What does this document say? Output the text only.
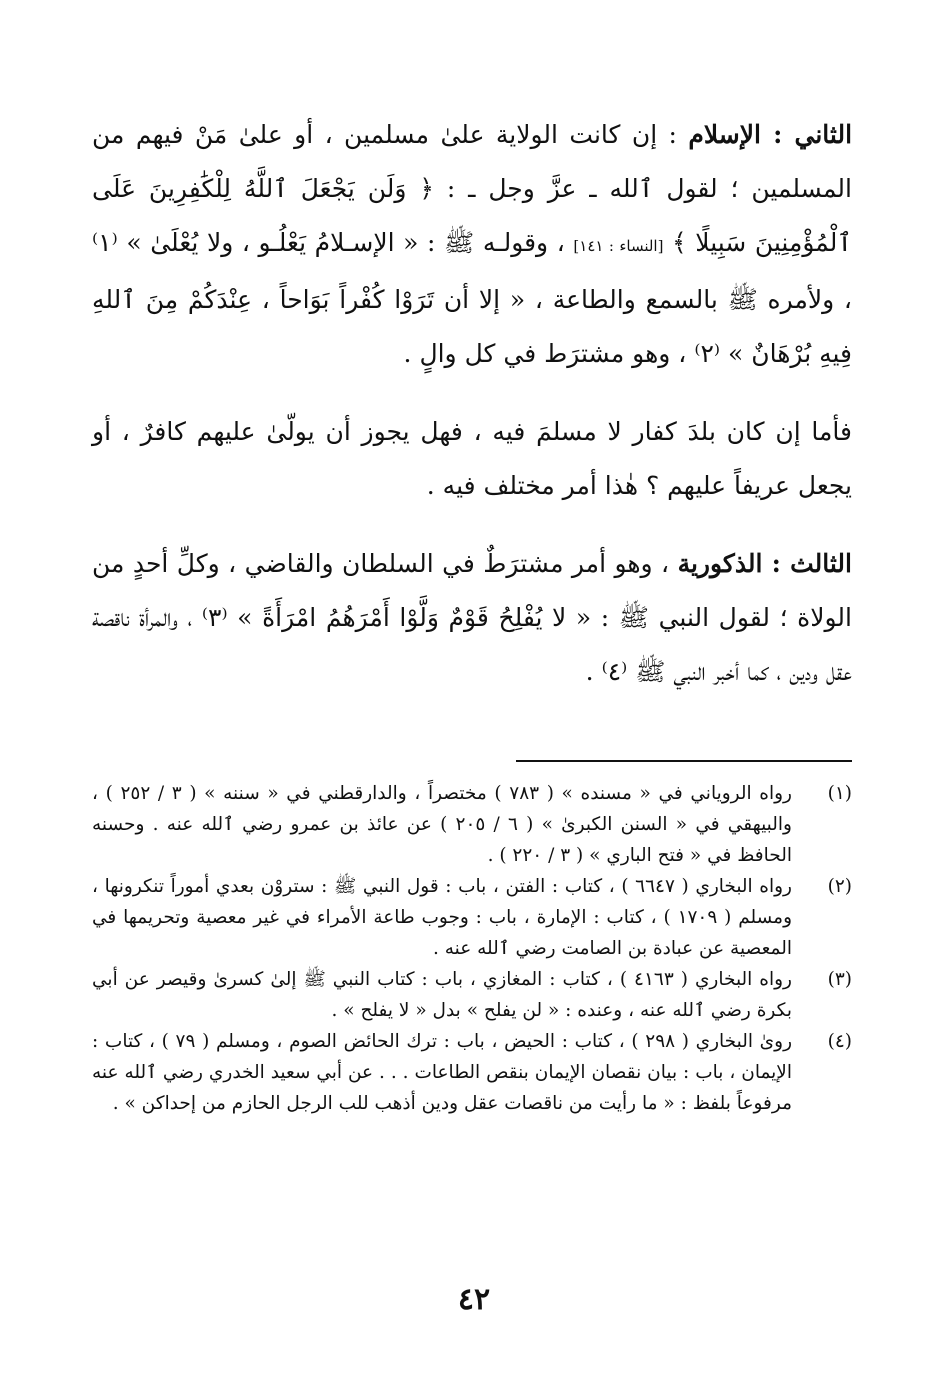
الثاني : الإسلام : إن كانت الولاية علىٰ مسلمين ، أو علىٰ مَنْ فيهم من المسلمين ؛ لقول ٱلله ـ عزَّ وجل ـ : ﴿ وَلَن يَجْعَلَ ٱللَّهُ لِلْكَٰفِرِينَ عَلَى ٱلْمُؤْمِنِينَ سَبِيلًا ﴾ [النساء : ١٤١] ، وقولـه ﷺ : « الإسـلامُ يَعْلُـو ، ولا يُعْلَىٰ » ⁽١⁾ ، ولأمره ﷺ بالسمع والطاعة ، « إلا أن تَرَوْا كُفْراً بَوَاحاً ، عِنْدَكُمْ مِنَ ٱللهِ فِيهِ بُرْهَانٌ » ⁽٢⁾ ، وهو مشترَط في كل والٍ .

فأما إن كان بلدَ كفار لا مسلمَ فيه ، فهل يجوز أن يولّىٰ عليهم كافرٌ ، أو يجعل عريفاً عليهم ؟ هٰذا أمر مختلف فيه .

الثالث : الذكورية ، وهو أمر مشترَطٌ في السلطان والقاضي ، وكلِّ أحدٍ من الولاة ؛ لقول النبي ﷺ : « لا يُفْلِحُ قَوْمٌ وَلَّوْا أَمْرَهُمُ امْرَأَةً » ⁽٣⁾ ، والمرأة ناقصة عقل ودين ، كما أخبر النبي ﷺ ⁽٤⁾ .

(١)
رواه الروياني في « مسنده » ( ٧٨٣ ) مختصراً ، والدارقطني في « سننه » ( ٣ / ٢٥٢ ) ، والبيهقي في « السنن الكبرىٰ » ( ٦ / ٢٠٥ ) عن عائذ بن عمرو رضي ٱلله عنه . وحسنه الحافظ في « فتح الباري » ( ٣ / ٢٢٠ ) .
(٢)
رواه البخاري ( ٦٦٤٧ ) ، كتاب : الفتن ، باب : قول النبي ﷺ : ستروْن بعدي أموراً تنكرونها ، ومسلم ( ١٧٠٩ ) ، كتاب : الإمارة ، باب : وجوب طاعة الأمراء في غير معصية وتحريمها في المعصية عن عبادة بن الصامت رضي ٱلله عنه .
(٣)
رواه البخاري ( ٤١٦٣ ) ، كتاب : المغازي ، باب : كتاب النبي ﷺ إلىٰ كسرىٰ وقيصر عن أبي بكرة رضي ٱلله عنه ، وعنده : « لن يفلح » بدل « لا يفلح » .
(٤)
روىٰ البخاري ( ٢٩٨ ) ، كتاب : الحيض ، باب : ترك الحائض الصوم ، ومسلم ( ٧٩ ) ، كتاب : الإيمان ، باب : بيان نقصان الإيمان بنقص الطاعات . . . عن أبي سعيد الخدري رضي ٱلله عنه مرفوعاً بلفظ : « ما رأيت من ناقصات عقل ودين أذهب للب الرجل الحازم من إحداكن » .
٤٢
